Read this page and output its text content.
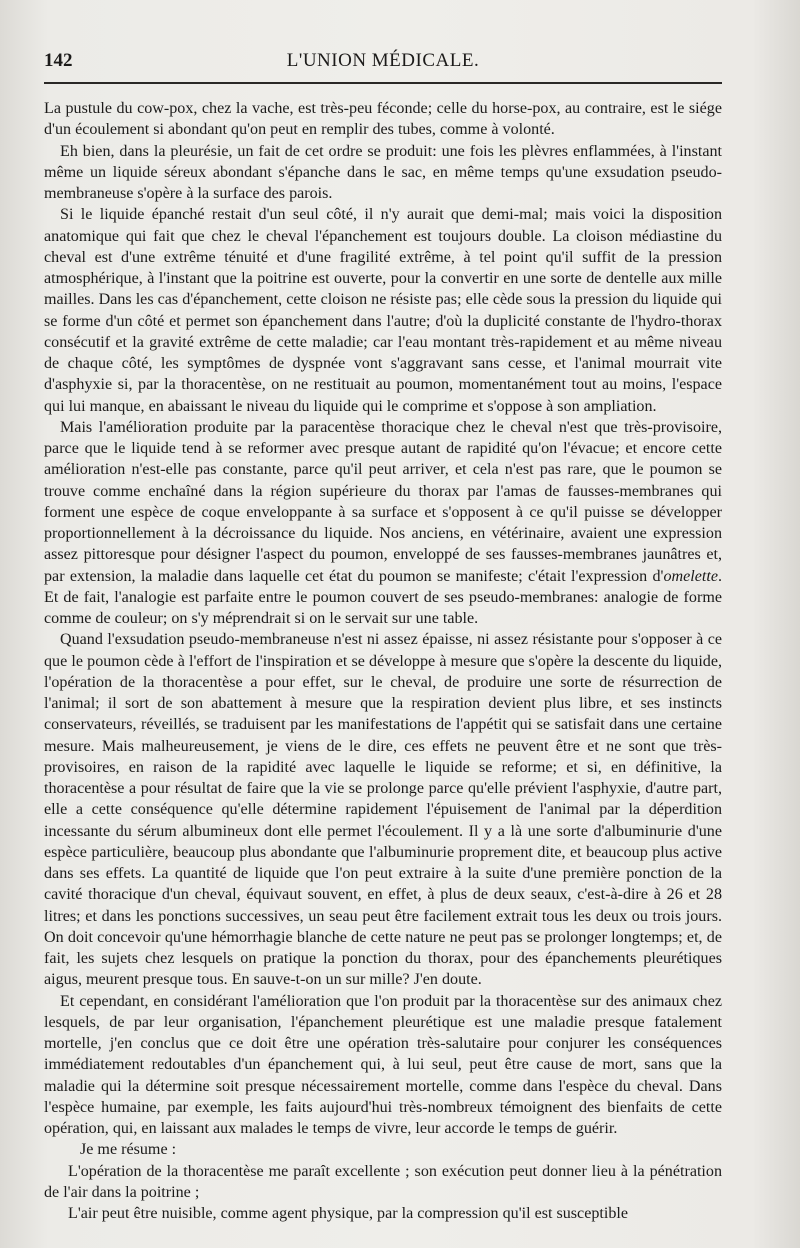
142	L'UNION MÉDICALE.

La pustule du cow-pox, chez la vache, est très-peu féconde; celle du horse-pox, au contraire, est le siége d'un écoulement si abondant qu'on peut en remplir des tubes, comme à volonté.

Eh bien, dans la pleurésie, un fait de cet ordre se produit: une fois les plèvres enflammées, à l'instant même un liquide séreux abondant s'épanche dans le sac, en même temps qu'une exsudation pseudo-membraneuse s'opère à la surface des parois.

Si le liquide épanché restait d'un seul côté, il n'y aurait que demi-mal; mais voici la disposition anatomique qui fait que chez le cheval l'épanchement est toujours double. La cloison médiastine du cheval est d'une extrême ténuité et d'une fragilité extrême, à tel point qu'il suffit de la pression atmosphérique, à l'instant que la poitrine est ouverte, pour la convertir en une sorte de dentelle aux mille mailles. Dans les cas d'épanchement, cette cloison ne résiste pas; elle cède sous la pression du liquide qui se forme d'un côté et permet son épanchement dans l'autre; d'où la duplicité constante de l'hydro-thorax consécutif et la gravité extrême de cette maladie; car l'eau montant très-rapidement et au même niveau de chaque côté, les symptômes de dyspnée vont s'aggravant sans cesse, et l'animal mourrait vite d'asphyxie si, par la thoracentèse, on ne restituait au poumon, momentanément tout au moins, l'espace qui lui manque, en abaissant le niveau du liquide qui le comprime et s'oppose à son ampliation.

Mais l'amélioration produite par la paracentèse thoracique chez le cheval n'est que très-provisoire, parce que le liquide tend à se reformer avec presque autant de rapidité qu'on l'évacue; et encore cette amélioration n'est-elle pas constante, parce qu'il peut arriver, et cela n'est pas rare, que le poumon se trouve comme enchaîné dans la région supérieure du thorax par l'amas de fausses-membranes qui forment une espèce de coque enveloppante à sa surface et s'opposent à ce qu'il puisse se développer proportionnellement à la décroissance du liquide. Nos anciens, en vétérinaire, avaient une expression assez pittoresque pour désigner l'aspect du poumon, enveloppé de ses fausses-membranes jaunâtres et, par extension, la maladie dans laquelle cet état du poumon se manifeste; c'était l'expression d'omelette. Et de fait, l'analogie est parfaite entre le poumon couvert de ses pseudo-membranes: analogie de forme comme de couleur; on s'y méprendrait si on le servait sur une table.

Quand l'exsudation pseudo-membraneuse n'est ni assez épaisse, ni assez résistante pour s'opposer à ce que le poumon cède à l'effort de l'inspiration et se développe à mesure que s'opère la descente du liquide, l'opération de la thoracentèse a pour effet, sur le cheval, de produire une sorte de résurrection de l'animal; il sort de son abattement à mesure que la respiration devient plus libre, et ses instincts conservateurs, réveillés, se traduisent par les manifestations de l'appétit qui se satisfait dans une certaine mesure. Mais malheureusement, je viens de le dire, ces effets ne peuvent être et ne sont que très-provisoires, en raison de la rapidité avec laquelle le liquide se reforme; et si, en définitive, la thoracentèse a pour résultat de faire que la vie se prolonge parce qu'elle prévient l'asphyxie, d'autre part, elle a cette conséquence qu'elle détermine rapidement l'épuisement de l'animal par la déperdition incessante du sérum albumineux dont elle permet l'écoulement. Il y a là une sorte d'albuminurie d'une espèce particulière, beaucoup plus abondante que l'albuminurie proprement dite, et beaucoup plus active dans ses effets. La quantité de liquide que l'on peut extraire à la suite d'une première ponction de la cavité thoracique d'un cheval, équivaut souvent, en effet, à plus de deux seaux, c'est-à-dire à 26 et 28 litres; et dans les ponctions successives, un seau peut être facilement extrait tous les deux ou trois jours. On doit concevoir qu'une hémorrhagie blanche de cette nature ne peut pas se prolonger longtemps; et, de fait, les sujets chez lesquels on pratique la ponction du thorax, pour des épanchements pleurétiques aigus, meurent presque tous. En sauve-t-on un sur mille? J'en doute.

Et cependant, en considérant l'amélioration que l'on produit par la thoracentèse sur des animaux chez lesquels, de par leur organisation, l'épanchement pleurétique est une maladie presque fatalement mortelle, j'en conclus que ce doit être une opération très-salutaire pour conjurer les conséquences immédiatement redoutables d'un épanchement qui, à lui seul, peut être cause de mort, sans que la maladie qui la détermine soit presque nécessairement mortelle, comme dans l'espèce du cheval. Dans l'espèce humaine, par exemple, les faits aujourd'hui très-nombreux témoignent des bienfaits de cette opération, qui, en laissant aux malades le temps de vivre, leur accorde le temps de guérir.

Je me résume :

L'opération de la thoracentèse me paraît excellente ; son exécution peut donner lieu à la pénétration de l'air dans la poitrine ;

L'air peut être nuisible, comme agent physique, par la compression qu'il est susceptible
